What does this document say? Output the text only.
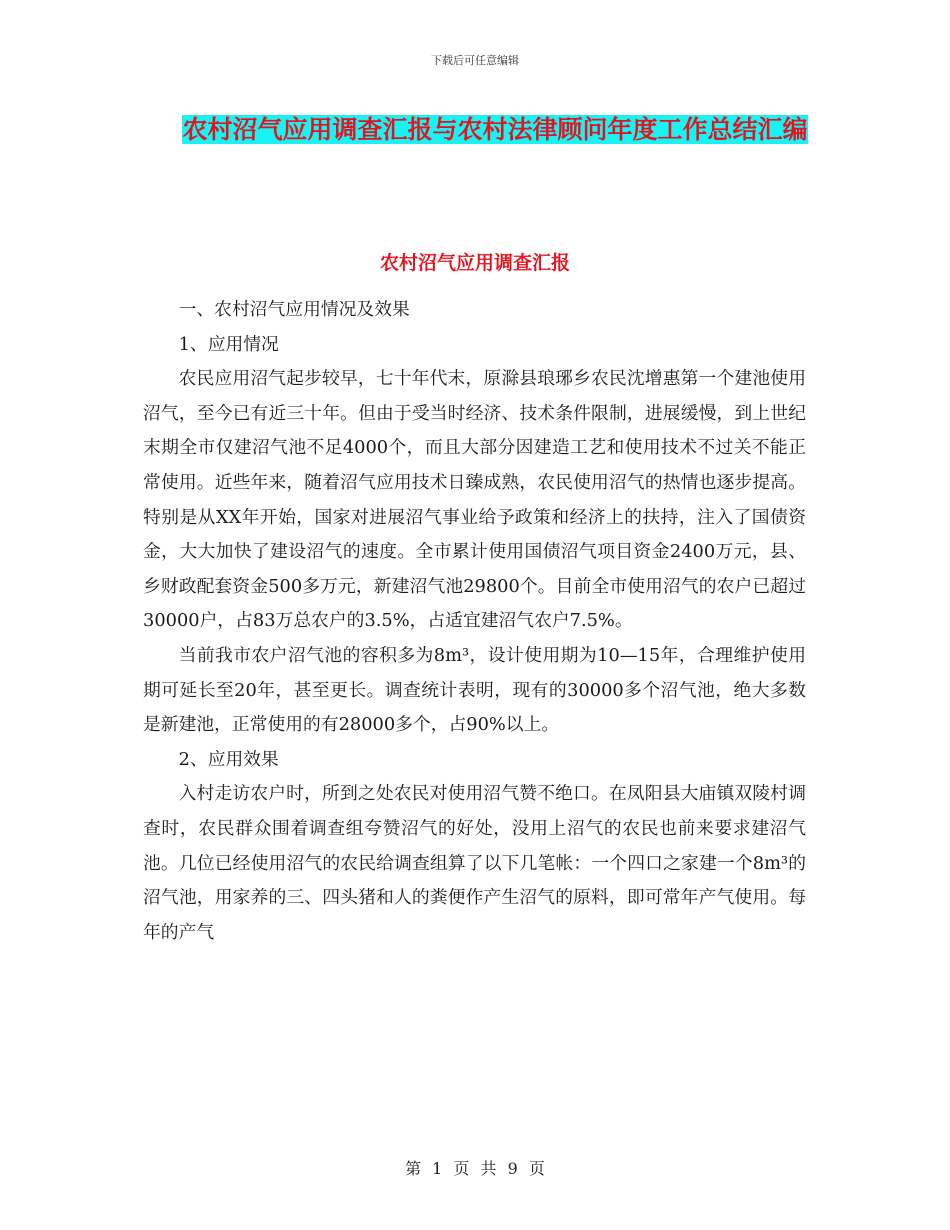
下载后可任意编辑
农村沼气应用调查汇报与农村法律顾问年度工作总结汇编
农村沼气应用调查汇报

一、农村沼气应用情况及效果

1、应用情况

农民应用沼气起步较早，七十年代末，原滁县琅琊乡农民沈增惠第一个建池使用沼气，至今已有近三十年。但由于受当时经济、技术条件限制，进展缓慢，到上世纪末期全市仅建沼气池不足4000个，而且大部分因建造工艺和使用技术不过关不能正常使用。近些年来，随着沼气应用技术日臻成熟，农民使用沼气的热情也逐步提高。特别是从XX年开始，国家对进展沼气事业给予政策和经济上的扶持，注入了国债资金，大大加快了建设沼气的速度。全市累计使用国债沼气项目资金2400万元，县、乡财政配套资金500多万元，新建沼气池29800个。目前全市使用沼气的农户已超过30000户，占83万总农户的3.5%，占适宜建沼气农户7.5%。

当前我市农户沼气池的容积多为8m³，设计使用期为10—15年，合理维护使用期可延长至20年，甚至更长。调查统计表明，现有的30000多个沼气池，绝大多数是新建池，正常使用的有28000多个，占90%以上。

2、应用效果

入村走访农户时，所到之处农民对使用沼气赞不绝口。在凤阳县大庙镇双陵村调查时，农民群众围着调查组夸赞沼气的好处，没用上沼气的农民也前来要求建沼气池。几位已经使用沼气的农民给调查组算了以下几笔帐：一个四口之家建一个8m³的沼气池，用家养的三、四头猪和人的粪便作产生沼气的原料，即可常年产气使用。每年的产气

第 1 页 共 9 页
